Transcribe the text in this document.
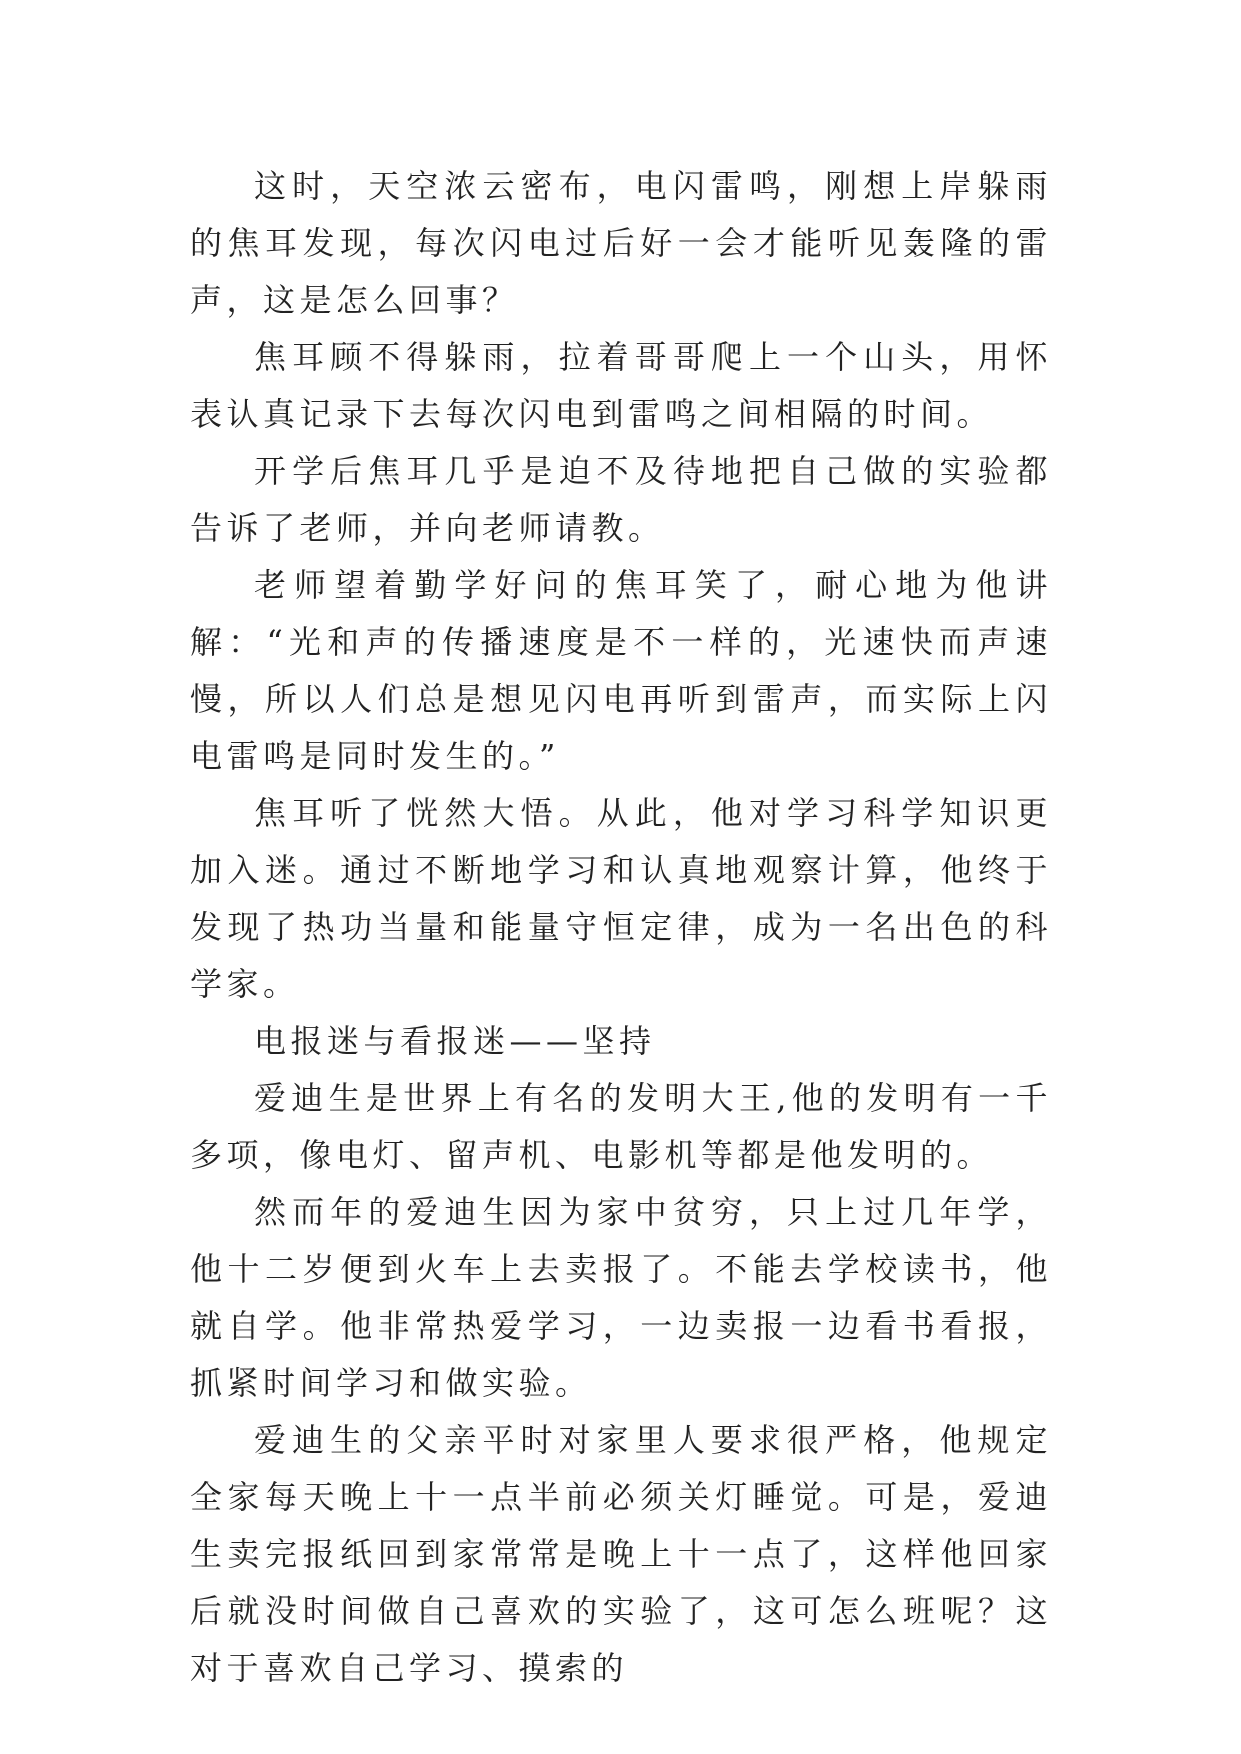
这时，天空浓云密布，电闪雷鸣，刚想上岸躲雨的焦耳发现，每次闪电过后好一会才能听见轰隆的雷声，这是怎么回事？

焦耳顾不得躲雨，拉着哥哥爬上一个山头，用怀表认真记录下去每次闪电到雷鸣之间相隔的时间。

开学后焦耳几乎是迫不及待地把自己做的实验都告诉了老师，并向老师请教。

老师望着勤学好问的焦耳笑了，耐心地为他讲解：“光和声的传播速度是不一样的，光速快而声速慢，所以人们总是想见闪电再听到雷声，而实际上闪电雷鸣是同时发生的。”

焦耳听了恍然大悟。从此，他对学习科学知识更加入迷。通过不断地学习和认真地观察计算，他终于发现了热功当量和能量守恒定律，成为一名出色的科学家。

电报迷与看报迷——坚持

爱迪生是世界上有名的发明大王,他的发明有一千多项，像电灯、留声机、电影机等都是他发明的。

然而年的爱迪生因为家中贫穷，只上过几年学，他十二岁便到火车上去卖报了。不能去学校读书，他就自学。他非常热爱学习，一边卖报一边看书看报，抓紧时间学习和做实验。

爱迪生的父亲平时对家里人要求很严格，他规定全家每天晚上十一点半前必须关灯睡觉。可是，爱迪生卖完报纸回到家常常是晚上十一点了，这样他回家后就没时间做自己喜欢的实验了，这可怎么班呢？这对于喜欢自己学习、摸索的
